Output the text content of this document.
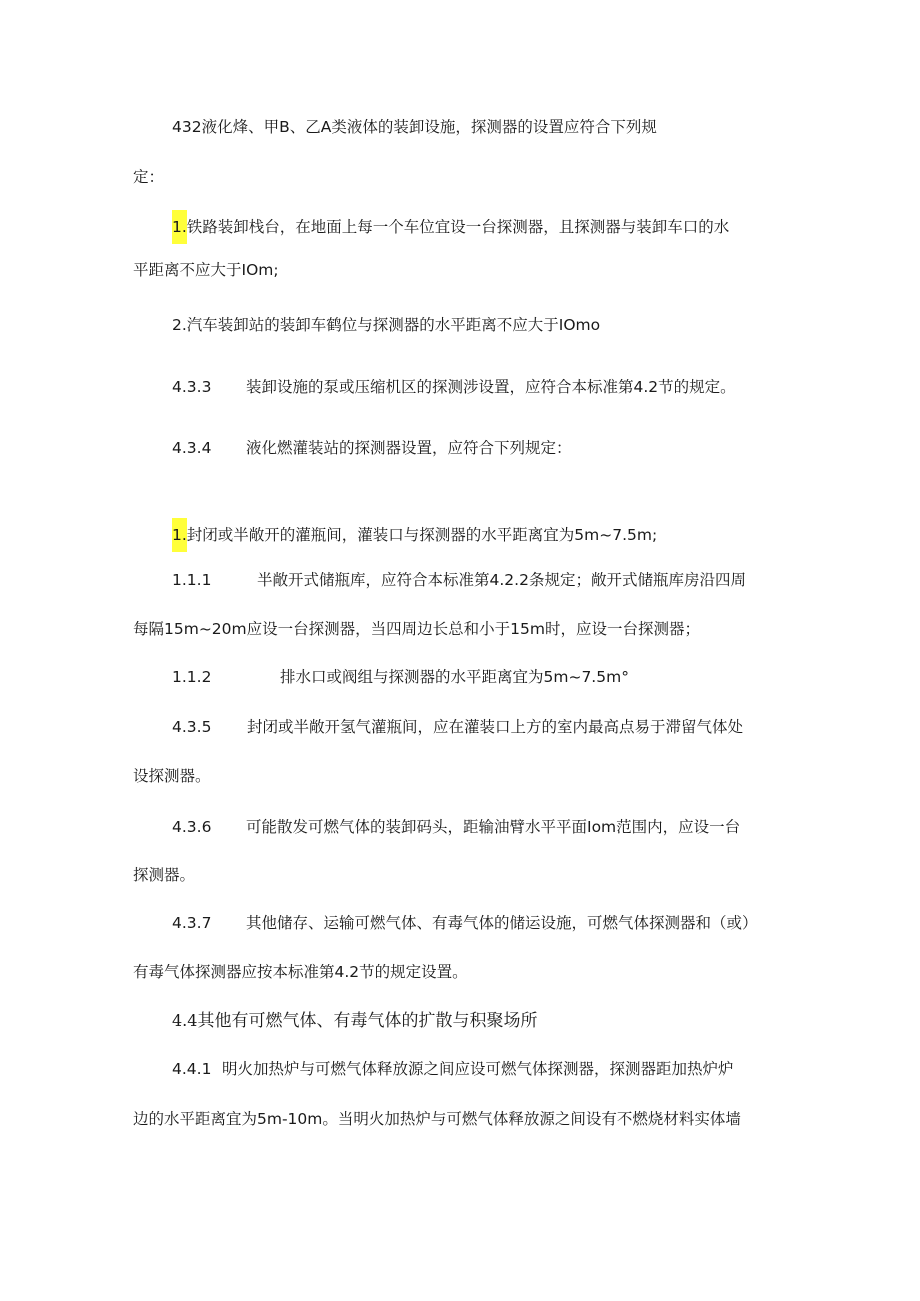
432液化烽、甲B、乙A类液体的装卸设施，探测器的设置应符合下列规
定：
1.铁路装卸栈台，在地面上每一个车位宜设一台探测器，且探测器与装卸车口的水
平距离不应大于IOm;
2.汽车装卸站的装卸车鹤位与探测器的水平距离不应大于IOmo
4.3.3 装卸设施的泵或压缩机区的探测涉设置，应符合本标准第4.2节的规定。
4.3.4 液化燃灌装站的探测器设置，应符合下列规定：
1.封闭或半敞开的灌瓶间，灌装口与探测器的水平距离宜为5m~7.5m;
1.1.1	半敞开式储瓶库，应符合本标准第4.2.2条规定；敞开式储瓶库房沿四周
每隔15m~20m应设一台探测器，当四周边长总和小于15m时，应设一台探测器；
1.1.2	排水口或阀组与探测器的水平距离宜为5m~7.5m°
4.3.5 封闭或半敞开氢气灌瓶间，应在灌装口上方的室内最高点易于滞留气体处
设探测器。
4.3.6 可能散发可燃气体的装卸码头，距输油臂水平平面Iom范围内，应设一台
探测器。
4.3.7 其他储存、运输可燃气体、有毒气体的储运设施，可燃气体探测器和（或）
有毒气体探测器应按本标准第4.2节的规定设置。
4.4其他有可燃气体、有毒气体的扩散与积聚场所
4.4.1 明火加热炉与可燃气体释放源之间应设可燃气体探测器，探测器距加热炉炉
边的水平距离宜为5m-10m。当明火加热炉与可燃气体释放源之间设有不燃烧材料实体墙
